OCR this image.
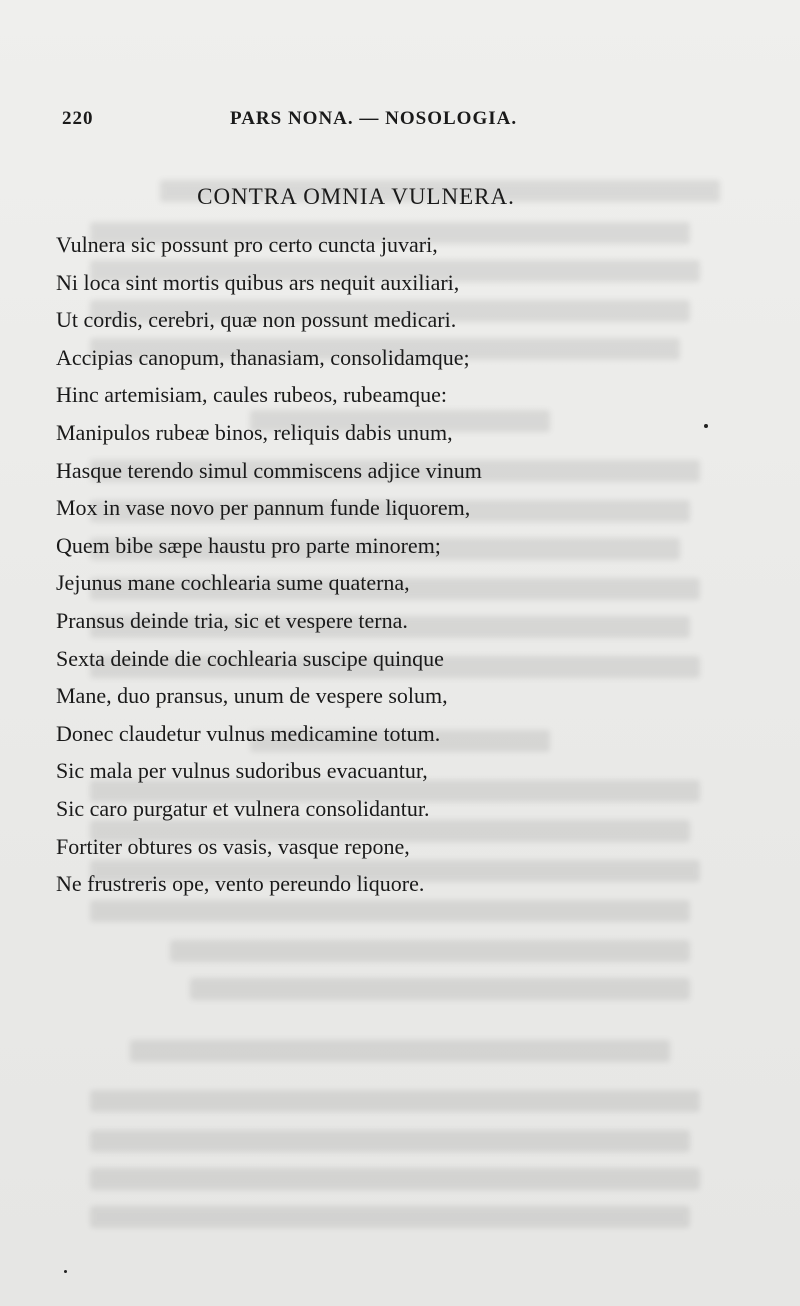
220	PARS NONA. — NOSOLOGIA.
CONTRA OMNIA VULNERA.
Vulnera sic possunt pro certo cuncta juvari,
Ni loca sint mortis quibus ars nequit auxiliari,
Ut cordis, cerebri, quæ non possunt medicari.
Accipias canopum, thanasiam, consolidamque;
Hinc artemisiam, caules rubeos, rubeamque:
Manipulos rubeæ binos, reliquis dabis unum,
Hasque terendo simul commiscens adjice vinum
Mox in vase novo per pannum funde liquorem,
Quem bibe sæpe haustu pro parte minorem;
Jejunus mane cochlearia sume quaterna,
Pransus deinde tria, sic et vespere terna.
Sexta deinde die cochlearia suscipe quinque
Mane, duo pransus, unum de vespere solum,
Donec claudetur vulnus medicamine totum.
Sic mala per vulnus sudoribus evacuantur,
Sic caro purgatur et vulnera consolidantur.
Fortiter obtures os vasis, vasque repone,
Ne frustreris ope, vento pereundo liquore.
